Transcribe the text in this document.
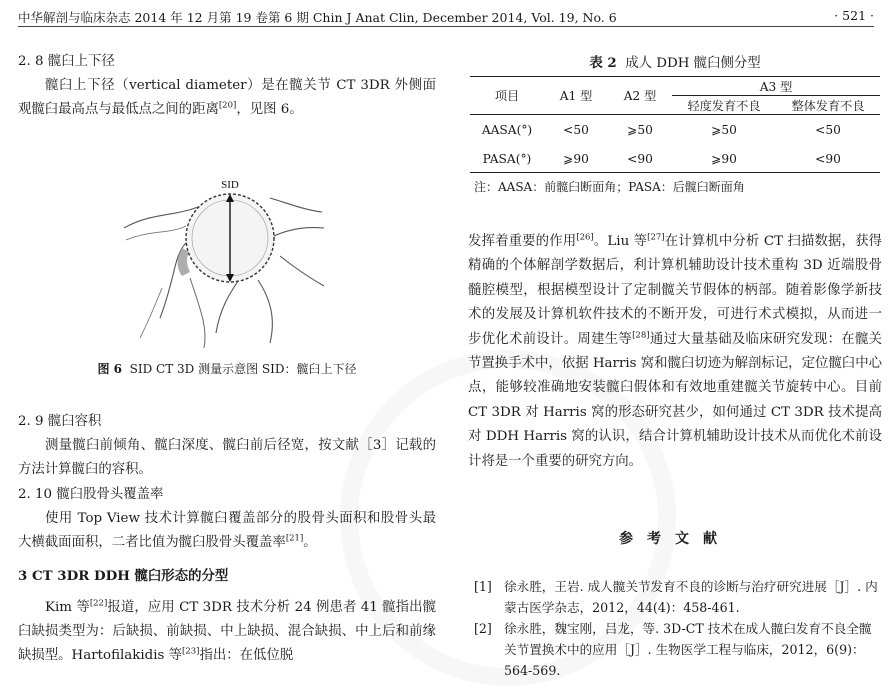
中华解剖与临床杂志 2014 年 12 月第 19 卷第 6 期 Chin J Anat Clin, December 2014, Vol. 19, No. 6	· 521 ·

2. 8 髋臼上下径

髋臼上下径（vertical diameter）是在髋关节 CT 3DR 外侧面观髋臼最高点与最低点之间的距离[20]，见图 6。

SID
图 6 SID CT 3D 测量示意图 SID：髋臼上下径

2. 9 髋臼容积

测量髋臼前倾角、髋臼深度、髋臼前后径宽，按文献［3］记载的方法计算髋臼的容积。

2. 10 髋臼股骨头覆盖率

使用 Top View 技术计算髋臼覆盖部分的股骨头面积和股骨头最大横截面面积，二者比值为髋臼股骨头覆盖率[21]。

3 CT 3DR DDH 髋臼形态的分型

Kim 等[22]报道，应用 CT 3DR 技术分析 24 例患者 41 髋指出髋臼缺损类型为：后缺损、前缺损、中上缺损、混合缺损、中上后和前缘缺损型。Hartofilakidis 等[23]指出：在低位脱

表 2 成人 DDH 髋臼侧分型
项目	A1 型	A2 型	A3 型	
			轻度发育不良	整体发育不良
AASA(°)	<50	⩾50	⩾50	<50
PASA(°)	⩾90	<90	⩾90	<90
注：AASA：前髋臼断面角；PASA：后髋臼断面角

发挥着重要的作用[26]。Liu 等[27]在计算机中分析 CT 扫描数据，获得精确的个体解剖学数据后，利计算机辅助设计技术重构 3D 近端股骨髓腔模型，根据模型设计了定制髋关节假体的柄部。随着影像学新技术的发展及计算机软件技术的不断开发，可进行术式模拟，从而进一步优化术前设计。周建生等[28]通过大量基础及临床研究发现：在髋关节置换手术中，依据 Harris 窝和髋臼切迹为解剖标记，定位髋臼中心点，能够较准确地安装髋臼假体和有效地重建髋关节旋转中心。目前 CT 3DR 对 Harris 窝的形态研究甚少，如何通过 CT 3DR 技术提高对 DDH Harris 窝的认识，结合计算机辅助设计技术从而优化术前设计将是一个重要的研究方向。

参考文献

[1] 徐永胜，王岩. 成人髋关节发育不良的诊断与治疗研究进展［J］. 内蒙古医学杂志，2012，44(4)：458-461.

[2] 徐永胜，魏宝刚，吕龙，等. 3D-CT 技术在成人髋臼发育不良全髋关节置换术中的应用［J］. 生物医学工程与临床，2012，6(9)：564-569.
